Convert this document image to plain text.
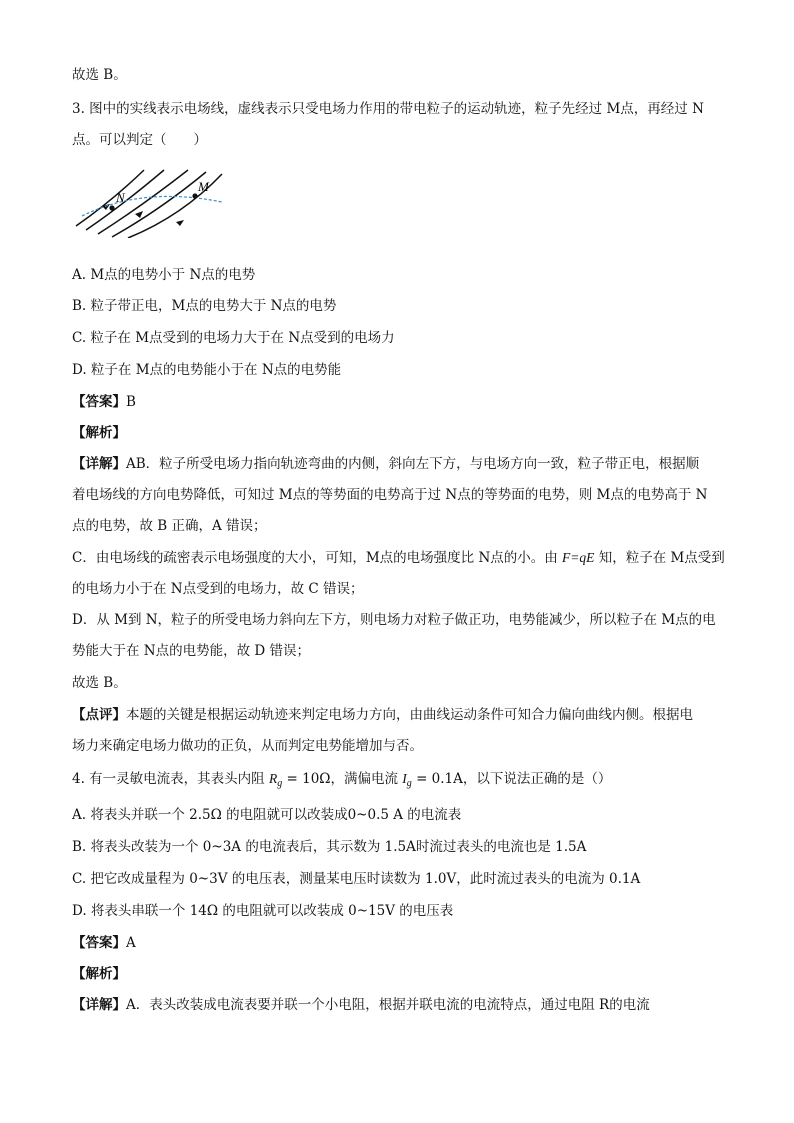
故选 B。
3. 图中的实线表示电场线，虚线表示只受电场力作用的带电粒子的运动轨迹，粒子先经过 M点，再经过 N
点。可以判定（　　）
N
M
A. M点的电势小于 N点的电势
B. 粒子带正电，M点的电势大于 N点的电势
C. 粒子在 M点受到的电场力大于在 N点受到的电场力
D. 粒子在 M点的电势能小于在 N点的电势能
【答案】B
【解析】
【详解】AB．粒子所受电场力指向轨迹弯曲的内侧，斜向左下方，与电场方向一致，粒子带正电，根据顺
着电场线的方向电势降低，可知过 M点的等势面的电势高于过 N点的等势面的电势，则 M点的电势高于 N
点的电势，故 B 正确，A 错误；
C．由电场线的疏密表示电场强度的大小，可知，M点的电场强度比 N点的小。由 F=qE 知，粒子在 M点受到
的电场力小于在 N点受到的电场力，故 C 错误；
D．从 M到 N，粒子的所受电场力斜向左下方，则电场力对粒子做正功，电势能减少，所以粒子在 M点的电
势能大于在 N点的电势能，故 D 错误；
故选 B。
【点评】本题的关键是根据运动轨迹来判定电场力方向，由曲线运动条件可知合力偏向曲线内侧。根据电
场力来确定电场力做功的正负，从而判定电势能增加与否。
4. 有一灵敏电流表，其表头内阻 $R_g = 10\Omega$，满偏电流 $I_g = 0.1A$，以下说法正确的是（）
A. 将表头并联一个 2.5Ω 的电阻就可以改装成0~0.5 A 的电流表
B. 将表头改装为一个 0~3A 的电流表后，其示数为 1.5A时流过表头的电流也是 1.5A
C. 把它改成量程为 0~3V 的电压表，测量某电压时读数为 1.0V，此时流过表头的电流为 0.1A
D. 将表头串联一个 14Ω 的电阻就可以改装成 0~15V 的电压表
【答案】A
【解析】
【详解】A．表头改装成电流表要并联一个小电阻，根据并联电流的电流特点，通过电阻 R的电流
